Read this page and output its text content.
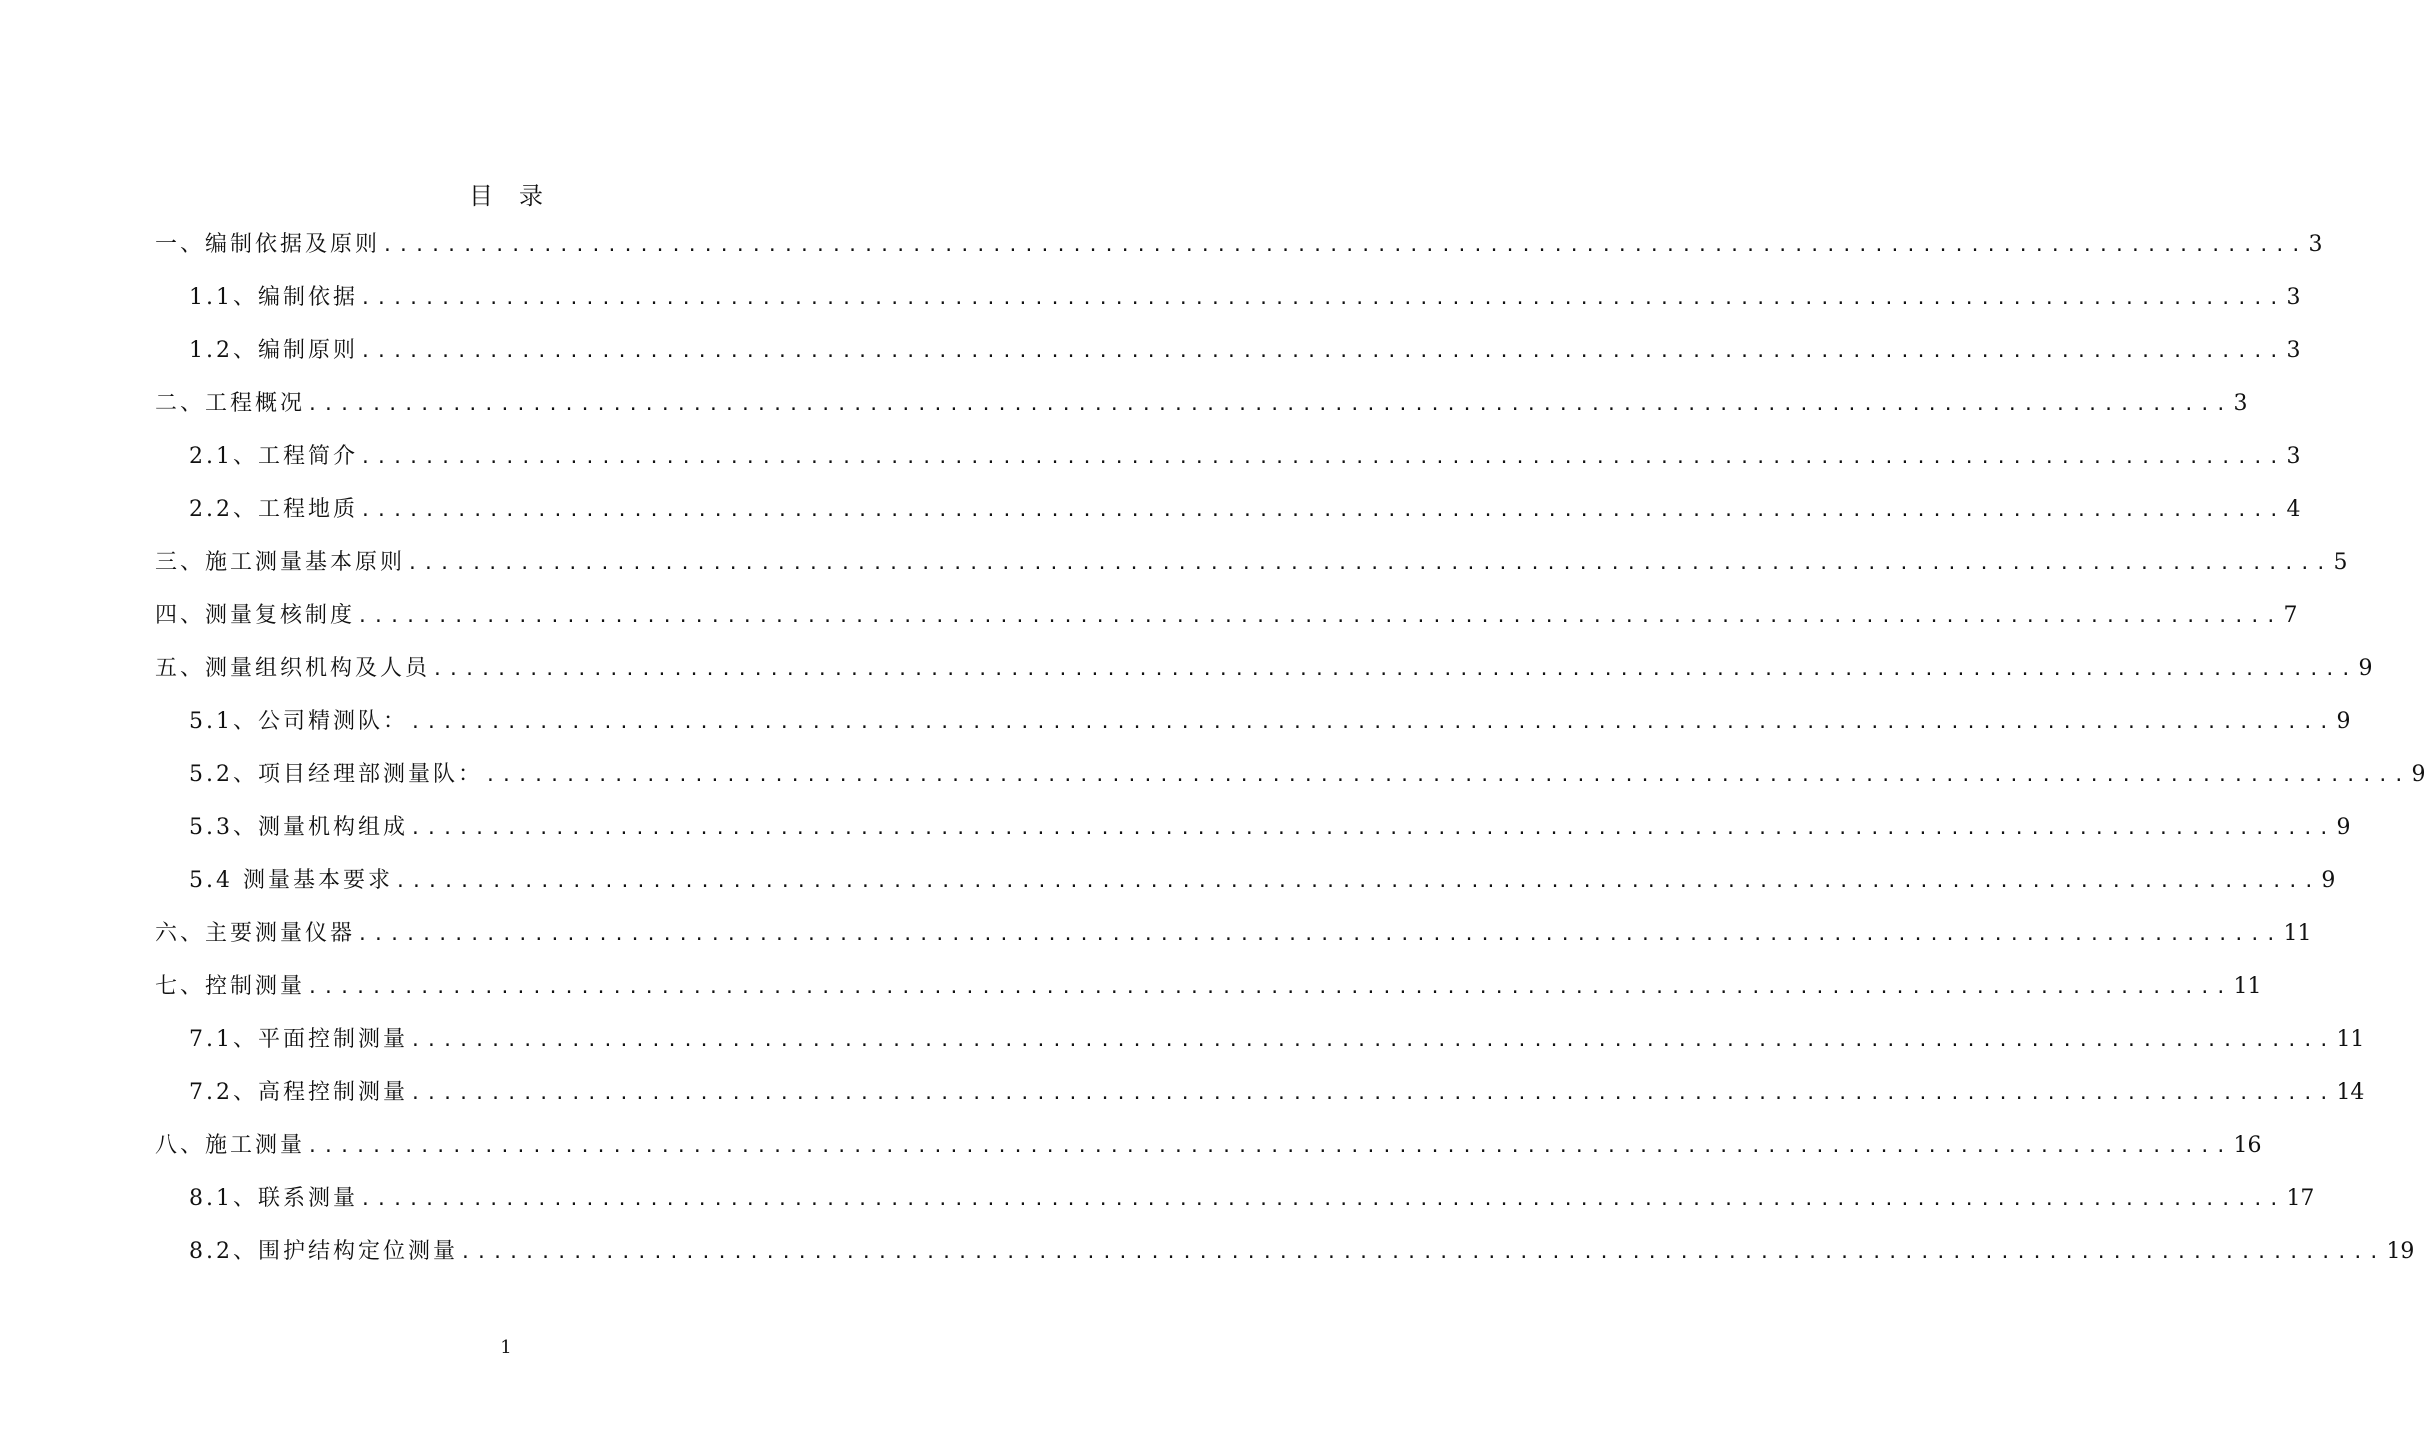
目录
一、编制依据及原则 ........................................................................................................................ 3
1.1、编制依据 ........................................................................................................................ 3
1.2、编制原则 ........................................................................................................................ 3
二、工程概况 ........................................................................................................................ 3
2.1、工程简介 ........................................................................................................................ 3
2.2、工程地质 ........................................................................................................................ 4
三、施工测量基本原则 ........................................................................................................................ 5
四、测量复核制度 ........................................................................................................................ 7
五、测量组织机构及人员 ........................................................................................................................ 9
5.1、公司精测队： ........................................................................................................................ 9
5.2、项目经理部测量队： ........................................................................................................................ 9
5.3、测量机构组成 ........................................................................................................................ 9
5.4 测量基本要求 ........................................................................................................................ 9
六、主要测量仪器 ........................................................................................................................ 11
七、控制测量 ........................................................................................................................ 11
7.1、平面控制测量 ........................................................................................................................ 11
7.2、高程控制测量 ........................................................................................................................ 14
八、施工测量 ........................................................................................................................ 16
8.1、联系测量 ........................................................................................................................ 17
8.2、围护结构定位测量 ........................................................................................................................ 19
1
